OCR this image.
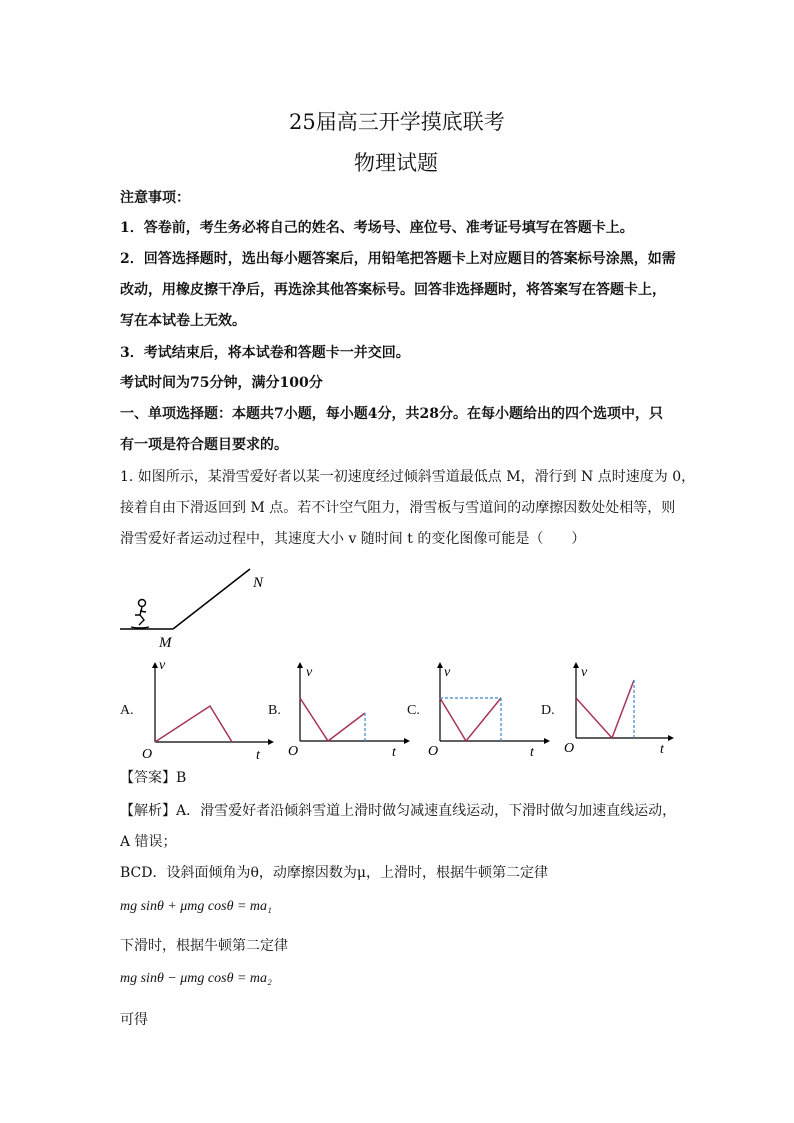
25届高三开学摸底联考
物理试题
注意事项：
1．答卷前，考生务必将自己的姓名、考场号、座位号、准考证号填写在答题卡上。
2．回答选择题时，选出每小题答案后，用铅笔把答题卡上对应题目的答案标号涂黑，如需
改动，用橡皮擦干净后，再选涂其他答案标号。回答非选择题时，将答案写在答题卡上，
写在本试卷上无效。
3．考试结束后，将本试卷和答题卡一并交回。
考试时间为75分钟，满分100分
一、单项选择题：本题共7小题，每小题4分，共28分。在每小题给出的四个选项中，只
有一项是符合题目要求的。
1. 如图所示，某滑雪爱好者以某一初速度经过倾斜雪道最低点 M，滑行到 N 点时速度为 0，
接着自由下滑返回到 M 点。若不计空气阻力，滑雪板与雪道间的动摩擦因数处处相等，则
滑雪爱好者运动过程中，其速度大小 v 随时间 t 的变化图像可能是（　　）
M
N
A.
v
t
O
B.
v
t
O
C.
v
t
O
D.
v
t
O
【答案】B
【解析】A．滑雪爱好者沿倾斜雪道上滑时做匀减速直线运动，下滑时做匀加速直线运动，
A 错误；
BCD．设斜面倾角为θ，动摩擦因数为μ，上滑时，根据牛顿第二定律
mg sinθ + μmg cosθ = ma₁
下滑时，根据牛顿第二定律
mg sinθ − μmg cosθ = ma₂
可得
